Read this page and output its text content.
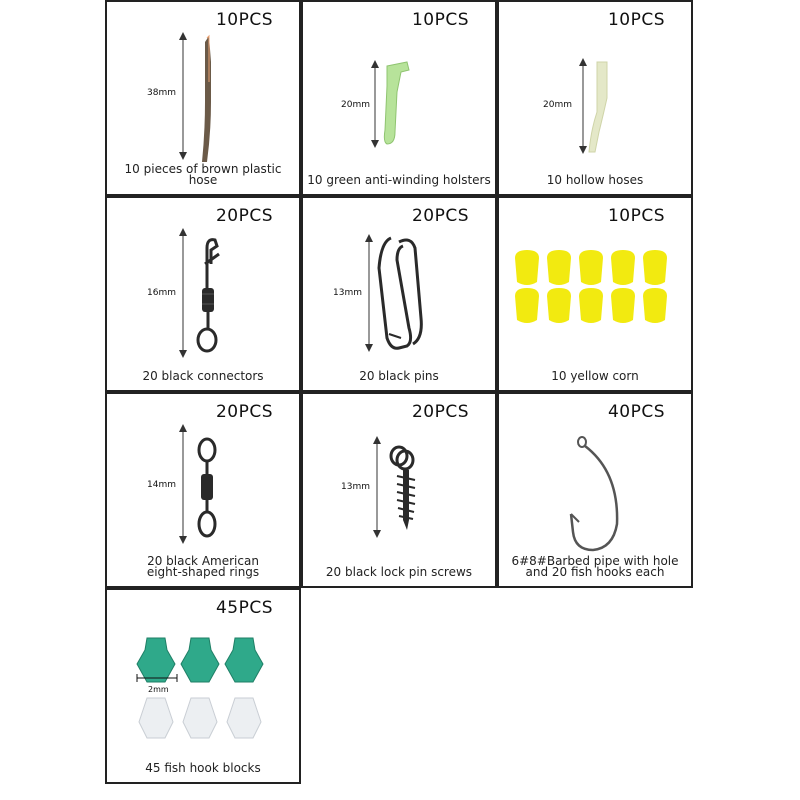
38mm
10PCS
10 pieces of brown plastic hose
20mm
10PCS
10 green anti-winding holsters
20mm
10PCS
10 hollow hoses
16mm
20PCS
20 black connectors
13mm
20PCS
20 black pins
10PCS
10 yellow corn
14mm
20PCS
20 black American
eight-shaped rings
13mm
20PCS
20 black lock pin screws
40PCS
6#8#Barbed pipe with hole
and 20 fish hooks each
2mm
45PCS
45 fish hook blocks
